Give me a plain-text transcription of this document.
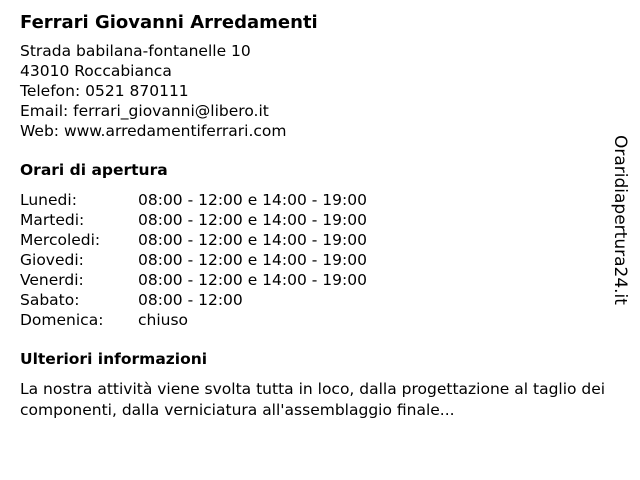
Ferrari Giovanni Arredamenti
Strada babilana-fontanelle 10
43010 Roccabianca
Telefon: 0521 870111
Email: ferrari_giovanni@libero.it
Web: www.arredamentiferrari.com
Orari di apertura
Lunedi:	08:00 - 12:00 e 14:00 - 19:00
Martedi:	08:00 - 12:00 e 14:00 - 19:00
Mercoledi:	08:00 - 12:00 e 14:00 - 19:00
Giovedi:	08:00 - 12:00 e 14:00 - 19:00
Venerdi:	08:00 - 12:00 e 14:00 - 19:00
Sabato:	08:00 - 12:00
Domenica:	chiuso
Ulteriori informazioni
La nostra attività viene svolta tutta in loco, dalla progettazione al taglio dei componenti, dalla verniciatura all'assemblaggio finale...
Oraridiapertura24.it
